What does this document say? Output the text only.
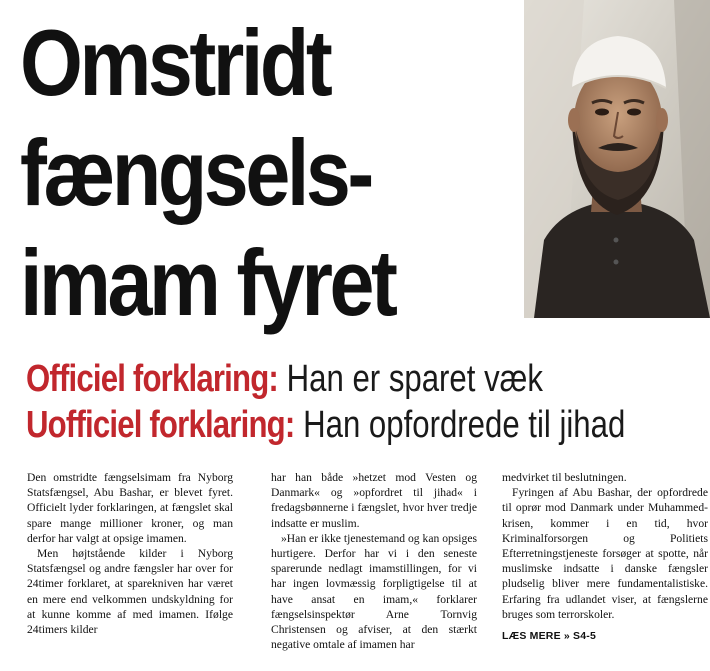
Omstridt
fængsels-
imam fyret
Officiel forklaring: Han er sparet væk
Uofficiel forklaring: Han opfordrede til jihad

Den omstridte fængselsimam fra Nyborg Statsfængsel, Abu Bashar, er blevet fyret. Officielt lyder forklaringen, at fængslet skal spare mange millioner kroner, og man derfor har valgt at opsige imamen.

Men højtstående kilder i Nyborg Statsfængsel og andre fængsler har over for 24timer forklaret, at sparekniven har været en mere end velkommen undskyldning for at kunne komme af med imamen. Ifølge 24timers kilder

har han både »hetzet mod Vesten og Danmark« og »opfordret til jihad« i fredagsbønnerne i fængslet, hvor hver tredje indsatte er muslim.

»Han er ikke tjenestemand og kan opsiges hurtigere. Derfor har vi i den seneste sparerunde nedlagt imamstillingen, for vi har ingen lovmæssig forpligtigelse til at have ansat en imam,« forklarer fængselsinspektør Arne Tornvig Christensen og afviser, at den stærkt negative omtale af imamen har

medvirket til beslutningen.

Fyringen af Abu Bashar, der opfordrede til oprør mod Danmark under Muhammed-krisen, kommer i en tid, hvor Kriminalforsorgen og Politiets Efterretningstjeneste forsøger at spotte, når muslimske indsatte i danske fængsler pludselig bliver mere fundamentalistiske. Erfaring fra udlandet viser, at fængslerne bruges som terrorskoler.

LÆS MERE » S4-5
